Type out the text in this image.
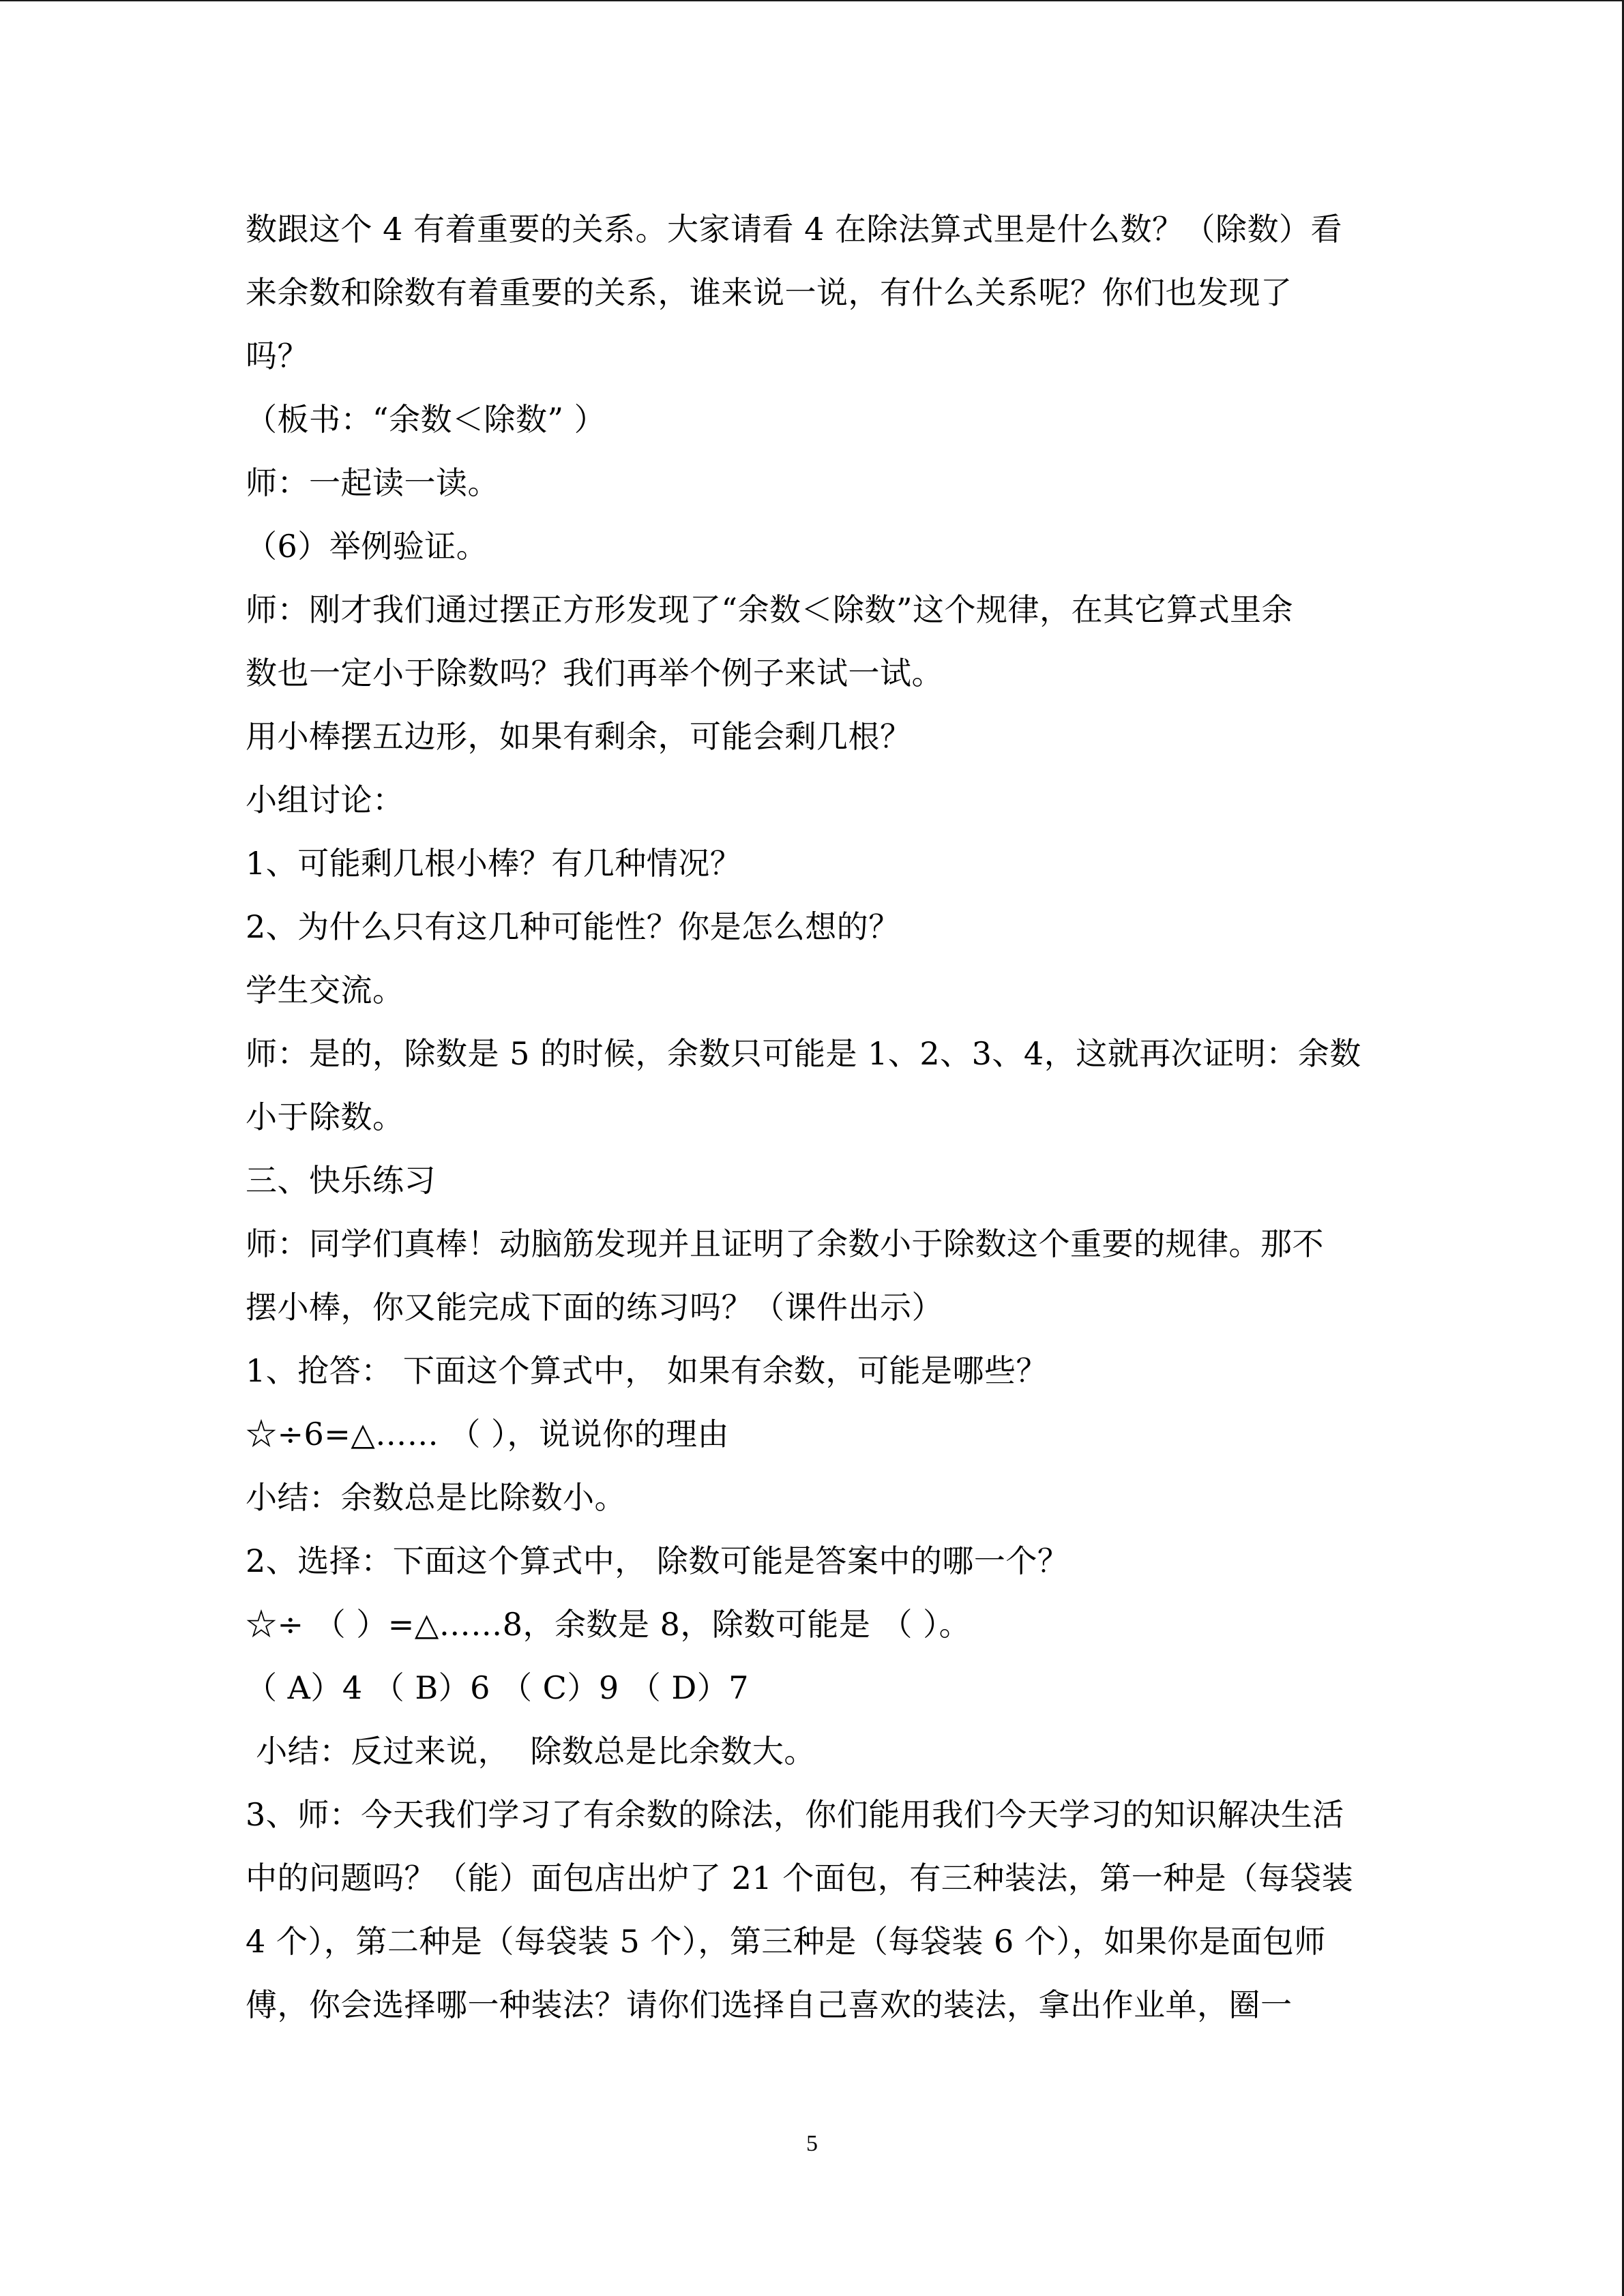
数跟这个 4 有着重要的关系。大家请看 4 在除法算式里是什么数？（除数）看
来余数和除数有着重要的关系，谁来说一说，有什么关系呢？你们也发现了
吗？
（板书：“余数＜除数” ）
师：一起读一读。
（6）举例验证。
师：刚才我们通过摆正方形发现了“余数＜除数”这个规律，在其它算式里余
数也一定小于除数吗？我们再举个例子来试一试。
用小棒摆五边形，如果有剩余，可能会剩几根？
小组讨论：
1、可能剩几根小棒？有几种情况？
2、为什么只有这几种可能性？你是怎么想的？
学生交流。
师：是的，除数是 5 的时候，余数只可能是 1、2、3、4，这就再次证明：余数
小于除数。
三、快乐练习
师：同学们真棒！动脑筋发现并且证明了余数小于除数这个重要的规律。那不
摆小棒，你又能完成下面的练习吗？（课件出示）
1、抢答： 下面这个算式中， 如果有余数，可能是哪些？
☆÷6=△…… （ ），说说你的理由
小结：余数总是比除数小。
2、选择：下面这个算式中， 除数可能是答案中的哪一个？
☆÷ （ ）=△……8，余数是 8，除数可能是 （ ）。
（ A）4 （ B）6 （ C）9 （ D）7
小结：反过来说，  除数总是比余数大。
3、师：今天我们学习了有余数的除法，你们能用我们今天学习的知识解决生活
中的问题吗？（能）面包店出炉了 21 个面包，有三种装法，第一种是（每袋装
4 个），第二种是（每袋装 5 个），第三种是（每袋装 6 个），如果你是面包师
傅，你会选择哪一种装法？请你们选择自己喜欢的装法，拿出作业单，圈一
5
